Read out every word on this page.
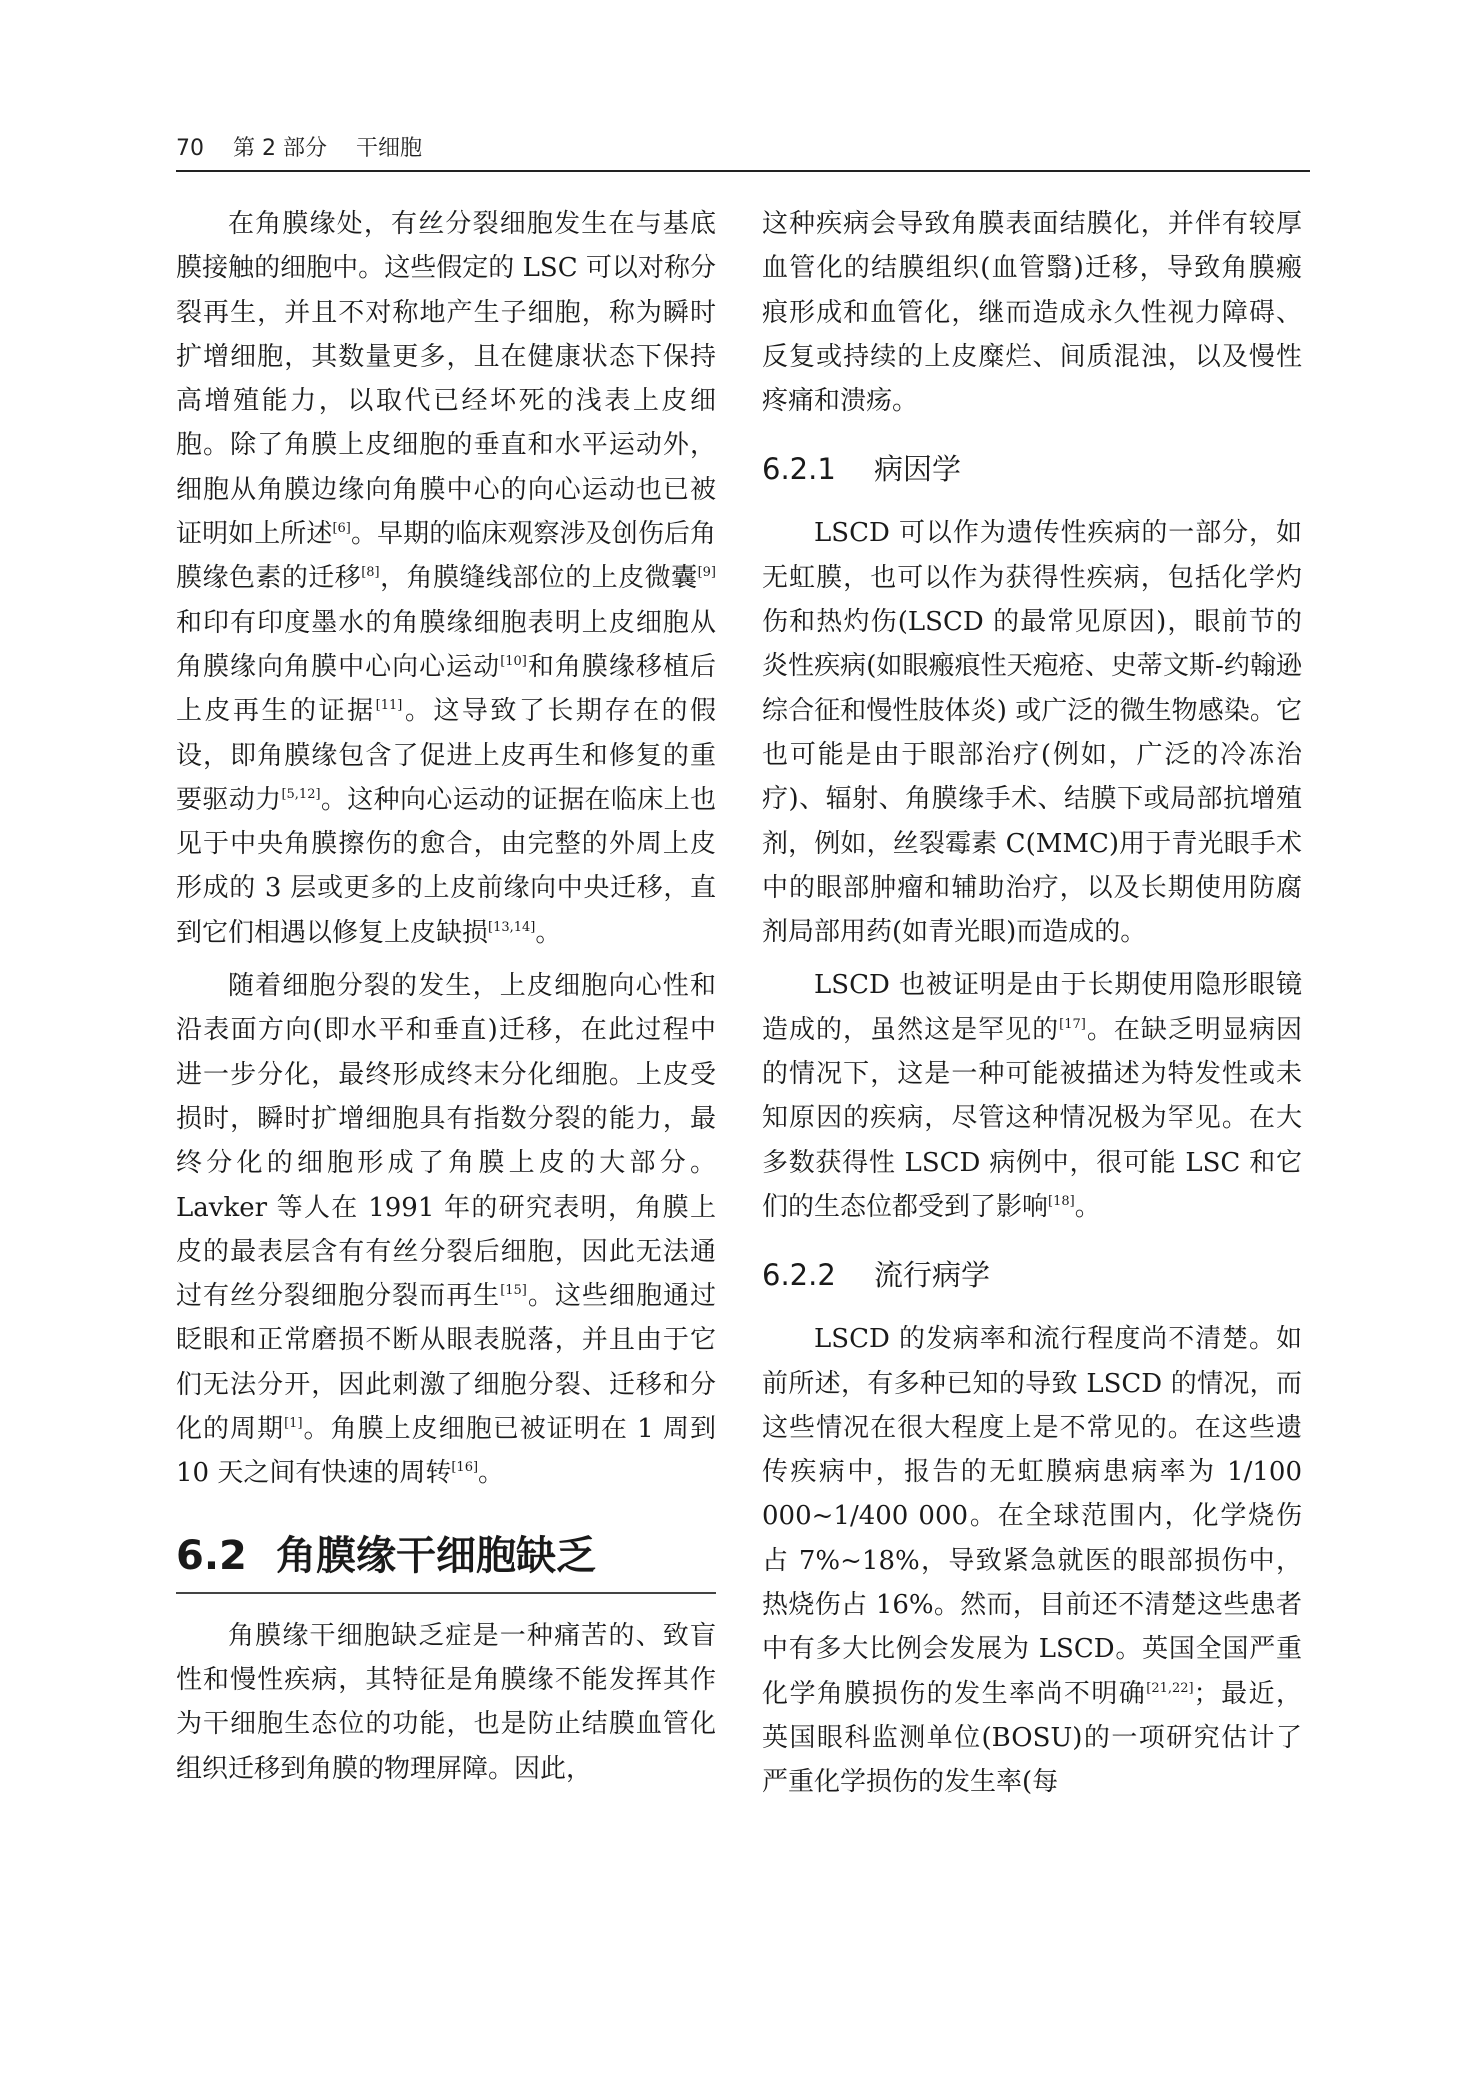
70 第 2 部分 干细胞

在角膜缘处，有丝分裂细胞发生在与基底膜接触的细胞中。这些假定的 LSC 可以对称分裂再生，并且不对称地产生子细胞，称为瞬时扩增细胞，其数量更多，且在健康状态下保持高增殖能力，以取代已经坏死的浅表上皮细胞。除了角膜上皮细胞的垂直和水平运动外，细胞从角膜边缘向角膜中心的向心运动也已被证明如上所述[6]。早期的临床观察涉及创伤后角膜缘色素的迁移[8]，角膜缝线部位的上皮微囊[9]和印有印度墨水的角膜缘细胞表明上皮细胞从角膜缘向角膜中心向心运动[10]和角膜缘移植后上皮再生的证据[11]。这导致了长期存在的假设，即角膜缘包含了促进上皮再生和修复的重要驱动力[5,12]。这种向心运动的证据在临床上也见于中央角膜擦伤的愈合，由完整的外周上皮形成的 3 层或更多的上皮前缘向中央迁移，直到它们相遇以修复上皮缺损[13,14]。

随着细胞分裂的发生，上皮细胞向心性和沿表面方向(即水平和垂直)迁移，在此过程中进一步分化，最终形成终末分化细胞。上皮受损时，瞬时扩增细胞具有指数分裂的能力，最终分化的细胞形成了角膜上皮的大部分。Lavker 等人在 1991 年的研究表明，角膜上皮的最表层含有有丝分裂后细胞，因此无法通过有丝分裂细胞分裂而再生[15]。这些细胞通过眨眼和正常磨损不断从眼表脱落，并且由于它们无法分开，因此刺激了细胞分裂、迁移和分化的周期[1]。角膜上皮细胞已被证明在 1 周到 10 天之间有快速的周转[16]。

6.2 角膜缘干细胞缺乏

角膜缘干细胞缺乏症是一种痛苦的、致盲性和慢性疾病，其特征是角膜缘不能发挥其作为干细胞生态位的功能，也是防止结膜血管化组织迁移到角膜的物理屏障。因此，

这种疾病会导致角膜表面结膜化，并伴有较厚血管化的结膜组织(血管翳)迁移，导致角膜瘢痕形成和血管化，继而造成永久性视力障碍、反复或持续的上皮糜烂、间质混浊，以及慢性疼痛和溃疡。

6.2.1 病因学

LSCD 可以作为遗传性疾病的一部分，如无虹膜，也可以作为获得性疾病，包括化学灼伤和热灼伤(LSCD 的最常见原因)，眼前节的炎性疾病(如眼瘢痕性天疱疮、史蒂文斯-约翰逊综合征和慢性肢体炎) 或广泛的微生物感染。它也可能是由于眼部治疗(例如，广泛的冷冻治疗)、辐射、角膜缘手术、结膜下或局部抗增殖剂，例如，丝裂霉素 C(MMC)用于青光眼手术中的眼部肿瘤和辅助治疗，以及长期使用防腐剂局部用药(如青光眼)而造成的。

LSCD 也被证明是由于长期使用隐形眼镜造成的，虽然这是罕见的[17]。在缺乏明显病因的情况下，这是一种可能被描述为特发性或未知原因的疾病，尽管这种情况极为罕见。在大多数获得性 LSCD 病例中，很可能 LSC 和它们的生态位都受到了影响[18]。

6.2.2 流行病学

LSCD 的发病率和流行程度尚不清楚。如前所述，有多种已知的导致 LSCD 的情况，而这些情况在很大程度上是不常见的。在这些遗传疾病中，报告的无虹膜病患病率为 1/100 000~1/400 000。在全球范围内，化学烧伤占 7%~18%，导致紧急就医的眼部损伤中，热烧伤占 16%。然而，目前还不清楚这些患者中有多大比例会发展为 LSCD。英国全国严重化学角膜损伤的发生率尚不明确[21,22]；最近，英国眼科监测单位(BOSU)的一项研究估计了严重化学损伤的发生率(每
